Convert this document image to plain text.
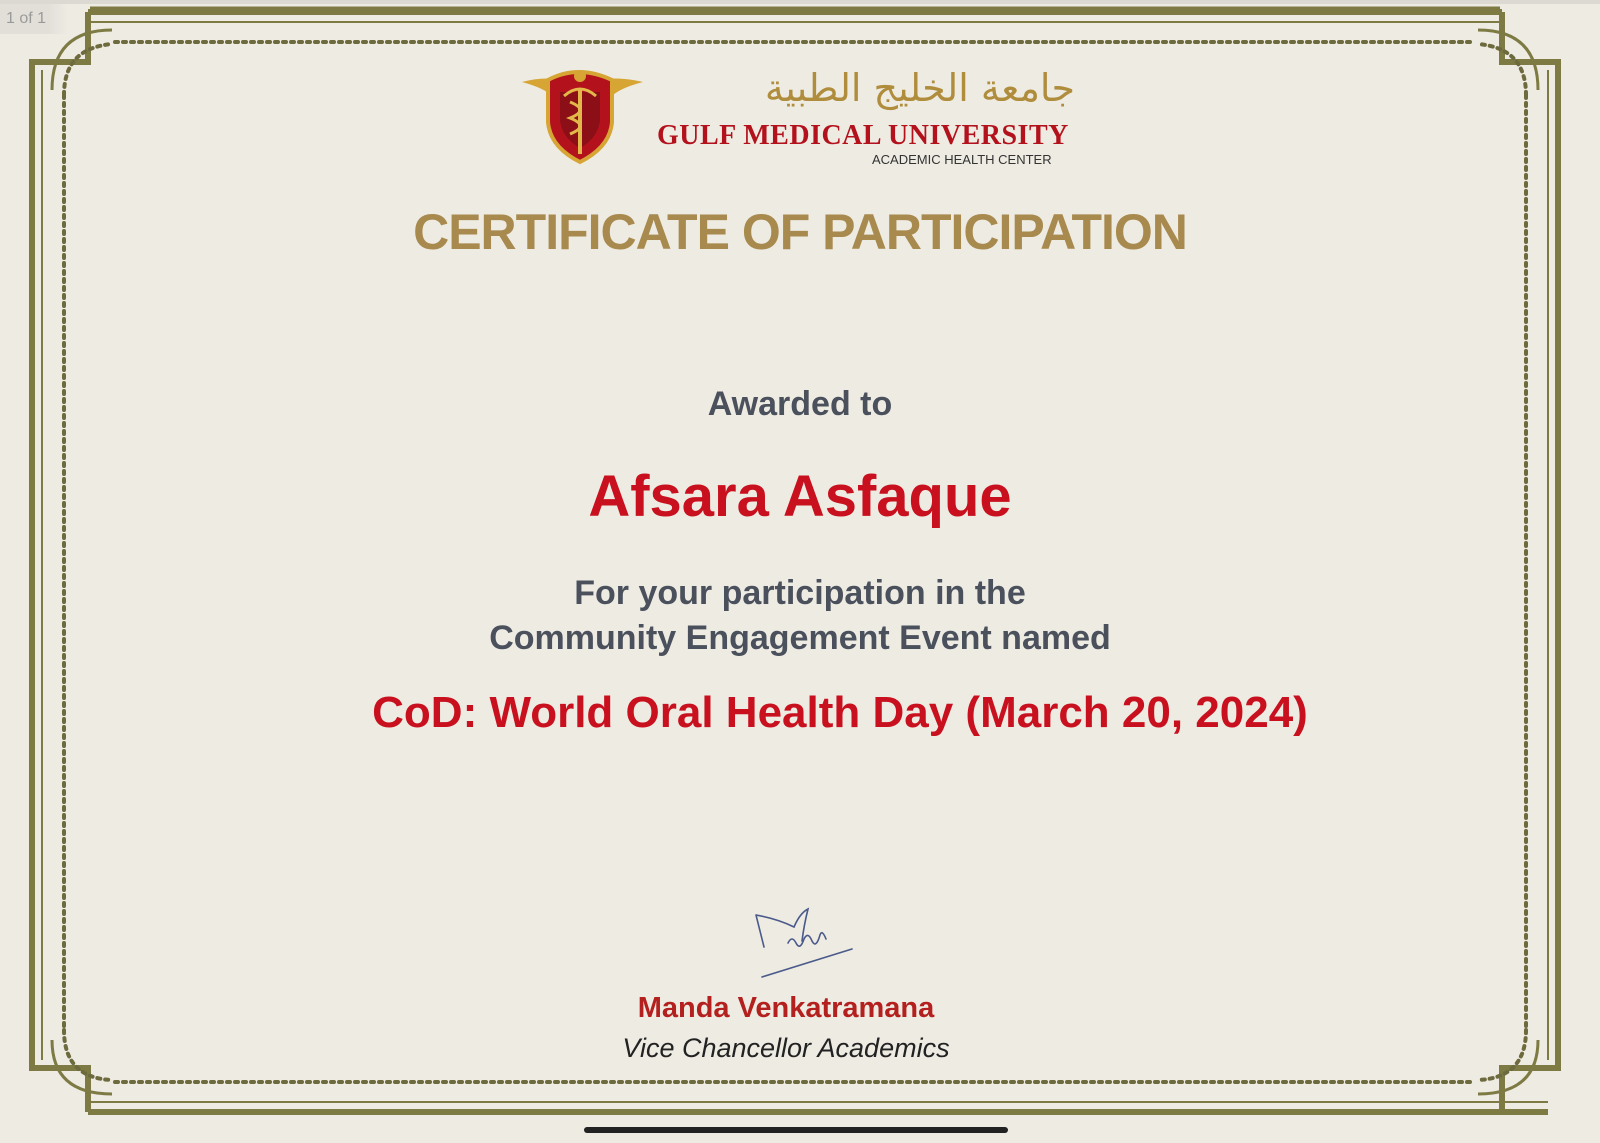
1 of 1
جامعة الخليج الطبية
GULF MEDICAL UNIVERSITY
ACADEMIC HEALTH CENTER
CERTIFICATE OF PARTICIPATION
Awarded to
Afsara Asfaque
For your participation in the
Community Engagement Event named
CoD: World Oral Health Day (March 20, 2024)
Manda Venkatramana
Vice Chancellor Academics
